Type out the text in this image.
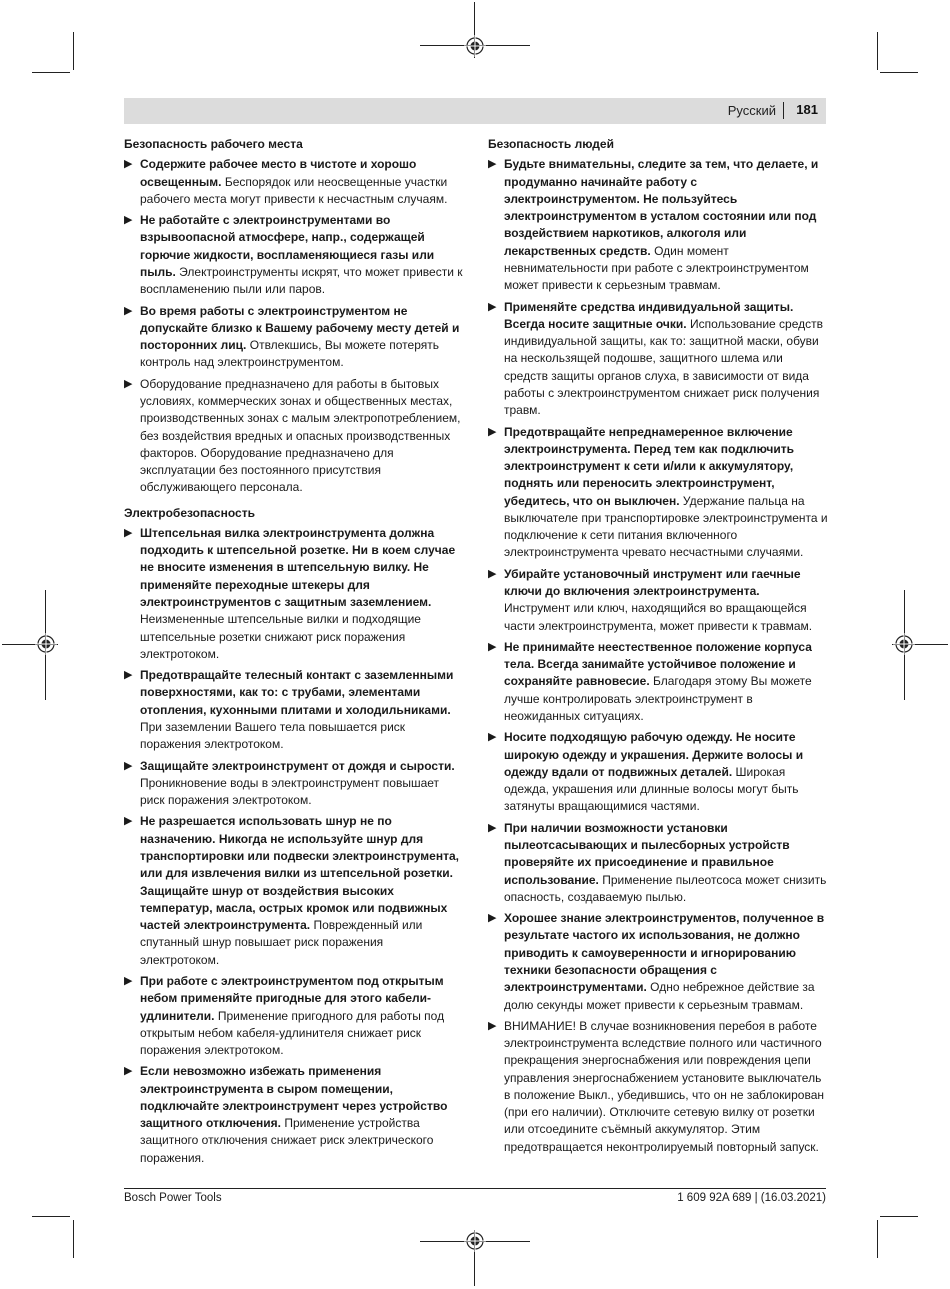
Русский 181
Безопасность рабочего места
▶ Содержите рабочее место в чистоте и хорошо освещенным. Беспорядок или неосвещенные участки рабочего места могут привести к несчастным случаям.
▶ Не работайте с электроинструментами во взрывоопасной атмосфере, напр., содержащей горючие жидкости, воспламеняющиеся газы или пыль. Электроинструменты искрят, что может привести к воспламенению пыли или паров.
▶ Во время работы с электроинструментом не допускайте близко к Вашему рабочему месту детей и посторонних лиц. Отвлекшись, Вы можете потерять контроль над электроинструментом.
▶ Оборудование предназначено для работы в бытовых условиях, коммерческих зонах и общественных местах, производственных зонах с малым электропотреблением, без воздействия вредных и опасных производственных факторов. Оборудование предназначено для эксплуатации без постоянного присутствия обслуживающего персонала.
Электробезопасность
▶ Штепсельная вилка электроинструмента должна подходить к штепсельной розетке. Ни в коем случае не вносите изменения в штепсельную вилку. Не применяйте переходные штекеры для электроинструментов с защитным заземлением. Неизмененные штепсельные вилки и подходящие штепсельные розетки снижают риск поражения электротоком.
▶ Предотвращайте телесный контакт с заземленными поверхностями, как то: с трубами, элементами отопления, кухонными плитами и холодильниками. При заземлении Вашего тела повышается риск поражения электротоком.
▶ Защищайте электроинструмент от дождя и сырости. Проникновение воды в электроинструмент повышает риск поражения электротоком.
▶ Не разрешается использовать шнур не по назначению. Никогда не используйте шнур для транспортировки или подвески электроинструмента, или для извлечения вилки из штепсельной розетки. Защищайте шнур от воздействия высоких температур, масла, острых кромок или подвижных частей электроинструмента. Поврежденный или спутанный шнур повышает риск поражения электротоком.
▶ При работе с электроинструментом под открытым небом применяйте пригодные для этого кабели-удлинители. Применение пригодного для работы под открытым небом кабеля-удлинителя снижает риск поражения электротоком.
▶ Если невозможно избежать применения электроинструмента в сыром помещении, подключайте электроинструмент через устройство защитного отключения. Применение устройства защитного отключения снижает риск электрического поражения.
Безопасность людей
▶ Будьте внимательны, следите за тем, что делаете, и продуманно начинайте работу с электроинструментом. Не пользуйтесь электроинструментом в усталом состоянии или под воздействием наркотиков, алкоголя или лекарственных средств. Один момент невнимательности при работе с электроинструментом может привести к серьезным травмам.
▶ Применяйте средства индивидуальной защиты. Всегда носите защитные очки. Использование средств индивидуальной защиты, как то: защитной маски, обуви на нескользящей подошве, защитного шлема или средств защиты органов слуха, в зависимости от вида работы с электроинструментом снижает риск получения травм.
▶ Предотвращайте непреднамеренное включение электроинструмента. Перед тем как подключить электроинструмент к сети и/или к аккумулятору, поднять или переносить электроинструмент, убедитесь, что он выключен. Удержание пальца на выключателе при транспортировке электроинструмента и подключение к сети питания включенного электроинструмента чревато несчастными случаями.
▶ Убирайте установочный инструмент или гаечные ключи до включения электроинструмента. Инструмент или ключ, находящийся во вращающейся части электроинструмента, может привести к травмам.
▶ Не принимайте неестественное положение корпуса тела. Всегда занимайте устойчивое положение и сохраняйте равновесие. Благодаря этому Вы можете лучше контролировать электроинструмент в неожиданных ситуациях.
▶ Носите подходящую рабочую одежду. Не носите широкую одежду и украшения. Держите волосы и одежду вдали от подвижных деталей. Широкая одежда, украшения или длинные волосы могут быть затянуты вращающимися частями.
▶ При наличии возможности установки пылеотсасывающих и пылесборных устройств проверяйте их присоединение и правильное использование. Применение пылеотсоса может снизить опасность, создаваемую пылью.
▶ Хорошее знание электроинструментов, полученное в результате частого их использования, не должно приводить к самоуверенности и игнорированию техники безопасности обращения с электроинструментами. Одно небрежное действие за долю секунды может привести к серьезным травмам.
▶ ВНИМАНИЕ! В случае возникновения перебоя в работе электроинструмента вследствие полного или частичного прекращения энергоснабжения или повреждения цепи управления энергоснабжением установите выключатель в положение Выкл., убедившись, что он не заблокирован (при его наличии). Отключите сетевую вилку от розетки или отсоедините съёмный аккумулятор. Этим предотвращается неконтролируемый повторный запуск.
Bosch Power Tools	1 609 92A 689 | (16.03.2021)
